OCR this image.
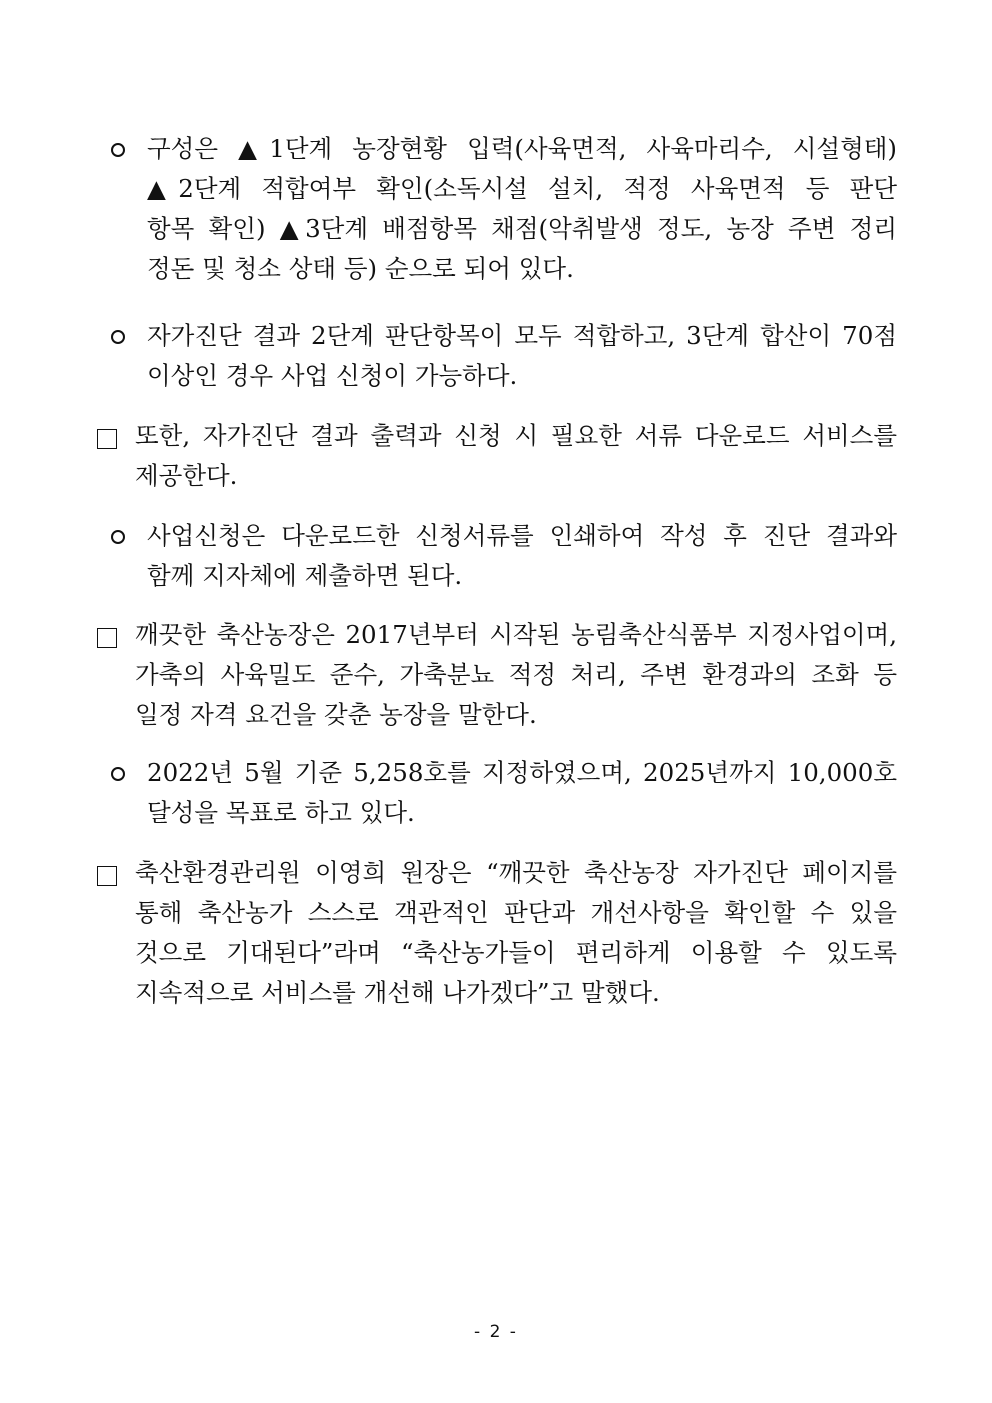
구성은 ▲1단계 농장현황 입력(사육면적, 사육마리수, 시설형태)
▲2단계 적합여부 확인(소독시설 설치, 적정 사육면적 등 판단
항목 확인) ▲3단계 배점항목 채점(악취발생 정도, 농장 주변 정리
정돈 및 청소 상태 등) 순으로 되어 있다.
자가진단 결과 2단계 판단항목이 모두 적합하고, 3단계 합산이 70점
이상인 경우 사업 신청이 가능하다.
또한, 자가진단 결과 출력과 신청 시 필요한 서류 다운로드 서비스를
제공한다.
사업신청은 다운로드한 신청서류를 인쇄하여 작성 후 진단 결과와
함께 지자체에 제출하면 된다.
깨끗한 축산농장은 2017년부터 시작된 농림축산식품부 지정사업이며,
가축의 사육밀도 준수, 가축분뇨 적정 처리, 주변 환경과의 조화 등
일정 자격 요건을 갖춘 농장을 말한다.
2022년 5월 기준 5,258호를 지정하였으며, 2025년까지 10,000호
달성을 목표로 하고 있다.
축산환경관리원 이영희 원장은 “깨끗한 축산농장 자가진단 페이지를
통해 축산농가 스스로 객관적인 판단과 개선사항을 확인할 수 있을
것으로 기대된다”라며 “축산농가들이 편리하게 이용할 수 있도록
지속적으로 서비스를 개선해 나가겠다”고 말했다.
- 2 -
